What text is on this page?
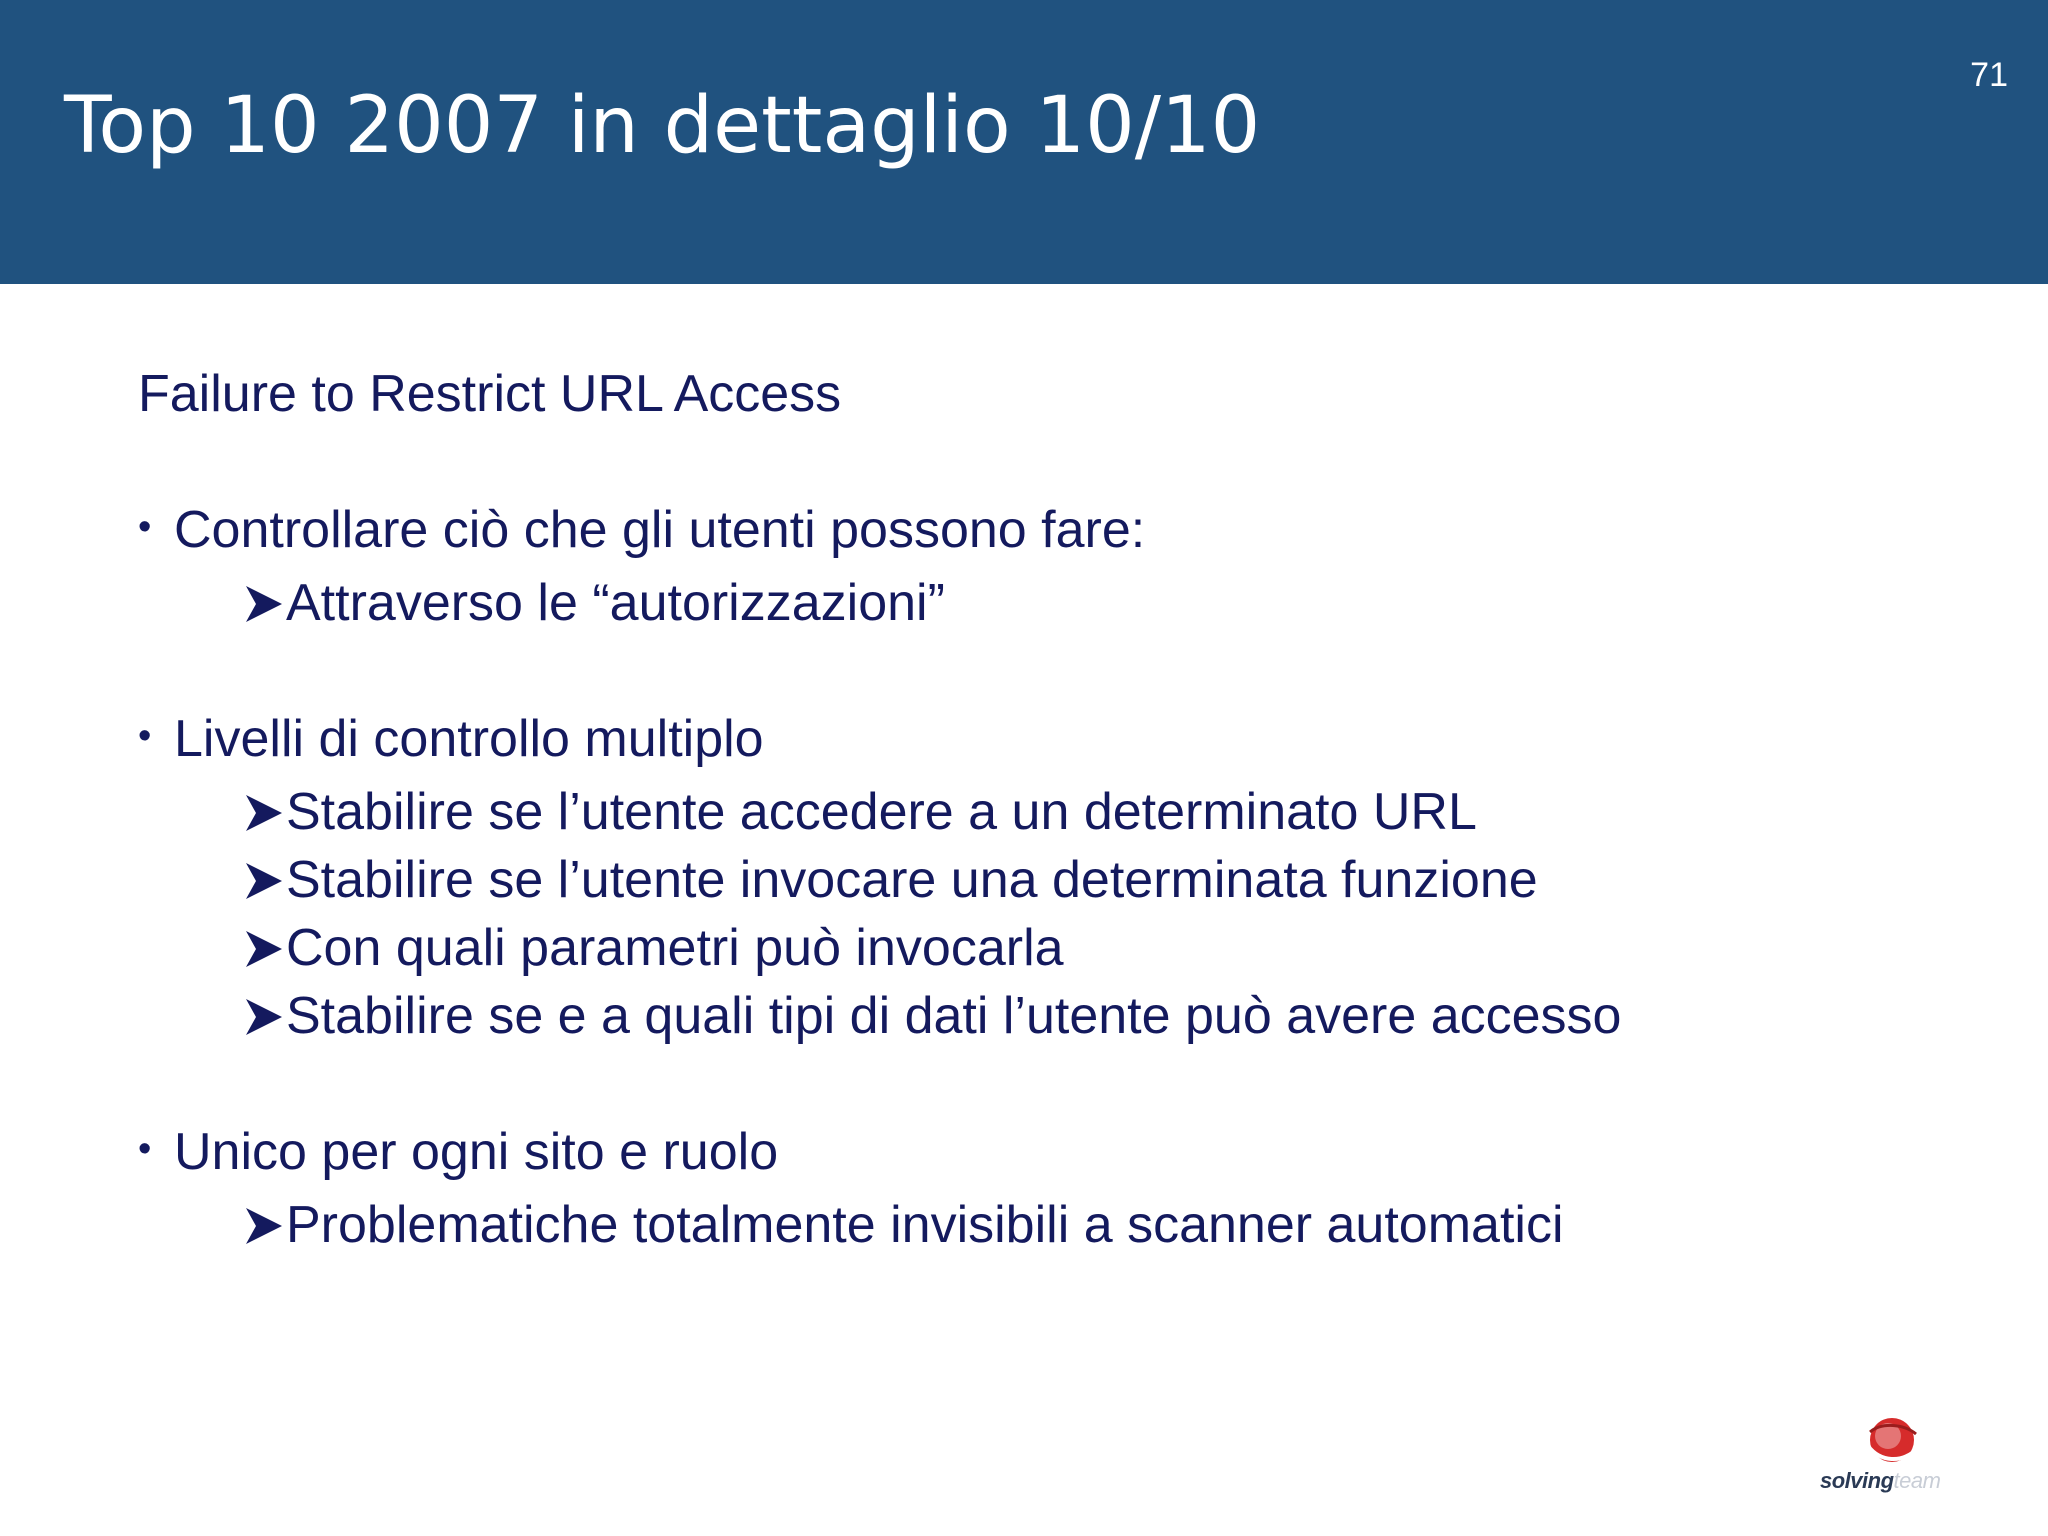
Top 10 2007 in dettaglio 10/10
71
Failure to Restrict URL Access
• Controllare ciò che gli utenti possono fare:
Attraverso le “autorizzazioni”
• Livelli di controllo multiplo
Stabilire se l’utente accedere a un determinato URL
Stabilire se l’utente invocare una determinata funzione
Con quali parametri può invocarla
Stabilire se e a quali tipi di dati l’utente può avere accesso
• Unico per ogni sito e ruolo
Problematiche totalmente invisibili a scanner automatici
solvingteam
